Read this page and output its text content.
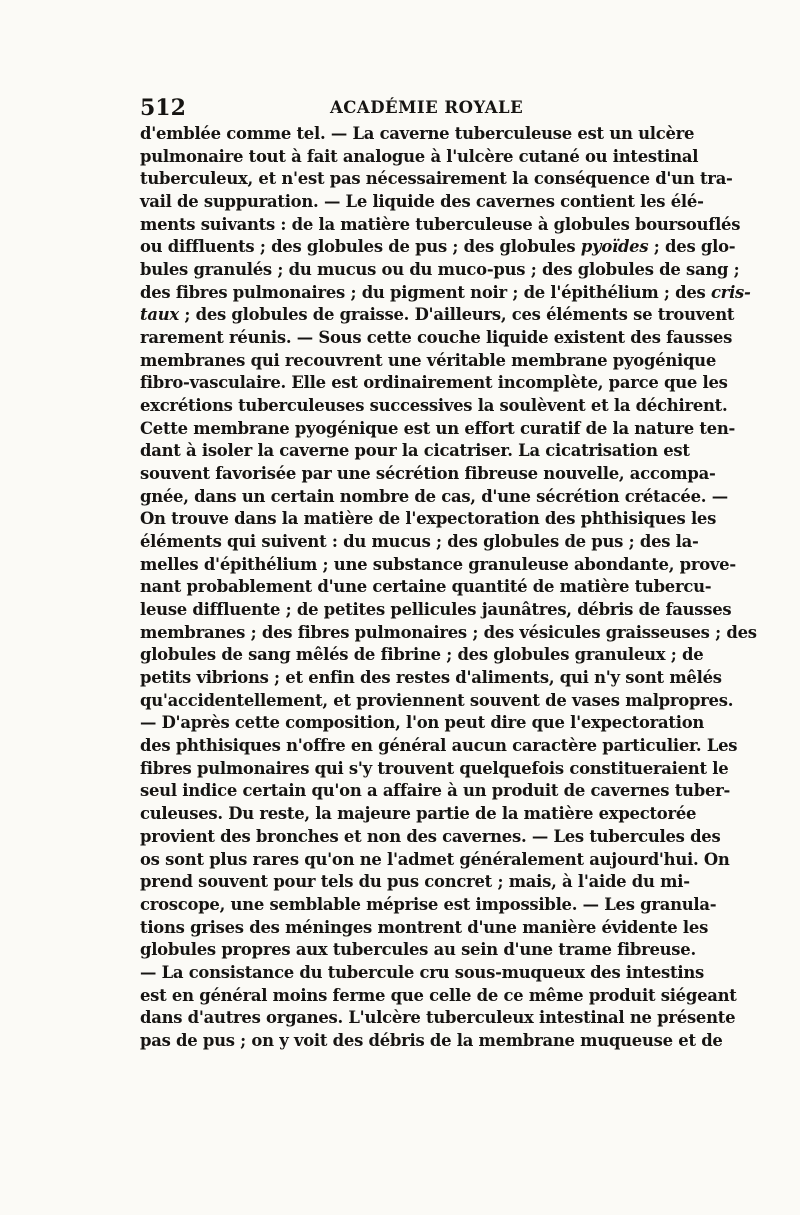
512	ACADÉMIE ROYALE
d'emblée comme tel. — La caverne tuberculeuse est un ulcère
pulmonaire tout à fait analogue à l'ulcère cutané ou intestinal
tuberculeux, et n'est pas nécessairement la conséquence d'un tra-
vail de suppuration. — Le liquide des cavernes contient les élé-
ments suivants : de la matière tuberculeuse à globules boursouflés
ou diffluents ; des globules de pus ; des globules pyoïdes ; des glo-
bules granulés ; du mucus ou du muco-pus ; des globules de sang ;
des fibres pulmonaires ; du pigment noir ; de l'épithélium ; des cris-
taux ; des globules de graisse. D'ailleurs, ces éléments se trouvent
rarement réunis. — Sous cette couche liquide existent des fausses
membranes qui recouvrent une véritable membrane pyogénique
fibro-vasculaire. Elle est ordinairement incomplète, parce que les
excrétions tuberculeuses successives la soulèvent et la déchirent.
Cette membrane pyogénique est un effort curatif de la nature ten-
dant à isoler la caverne pour la cicatriser. La cicatrisation est
souvent favorisée par une sécrétion fibreuse nouvelle, accompa-
gnée, dans un certain nombre de cas, d'une sécrétion crétacée. —
On trouve dans la matière de l'expectoration des phthisiques les
éléments qui suivent : du mucus ; des globules de pus ; des la-
melles d'épithélium ; une substance granuleuse abondante, prove-
nant probablement d'une certaine quantité de matière tubercu-
leuse diffluente ; de petites pellicules jaunâtres, débris de fausses
membranes ; des fibres pulmonaires ; des vésicules graisseuses ; des
globules de sang mêlés de fibrine ; des globules granuleux ; de
petits vibrions ; et enfin des restes d'aliments, qui n'y sont mêlés
qu'accidentellement, et proviennent souvent de vases malpropres.
— D'après cette composition, l'on peut dire que l'expectoration
des phthisiques n'offre en général aucun caractère particulier. Les
fibres pulmonaires qui s'y trouvent quelquefois constitueraient le
seul indice certain qu'on a affaire à un produit de cavernes tuber-
culeuses. Du reste, la majeure partie de la matière expectorée
provient des bronches et non des cavernes. — Les tubercules des
os sont plus rares qu'on ne l'admet généralement aujourd'hui. On
prend souvent pour tels du pus concret ; mais, à l'aide du mi-
croscope, une semblable méprise est impossible. — Les granula-
tions grises des méninges montrent d'une manière évidente les
globules propres aux tubercules au sein d'une trame fibreuse.
— La consistance du tubercule cru sous-muqueux des intestins
est en général moins ferme que celle de ce même produit siégeant
dans d'autres organes. L'ulcère tuberculeux intestinal ne présente
pas de pus ; on y voit des débris de la membrane muqueuse et de
